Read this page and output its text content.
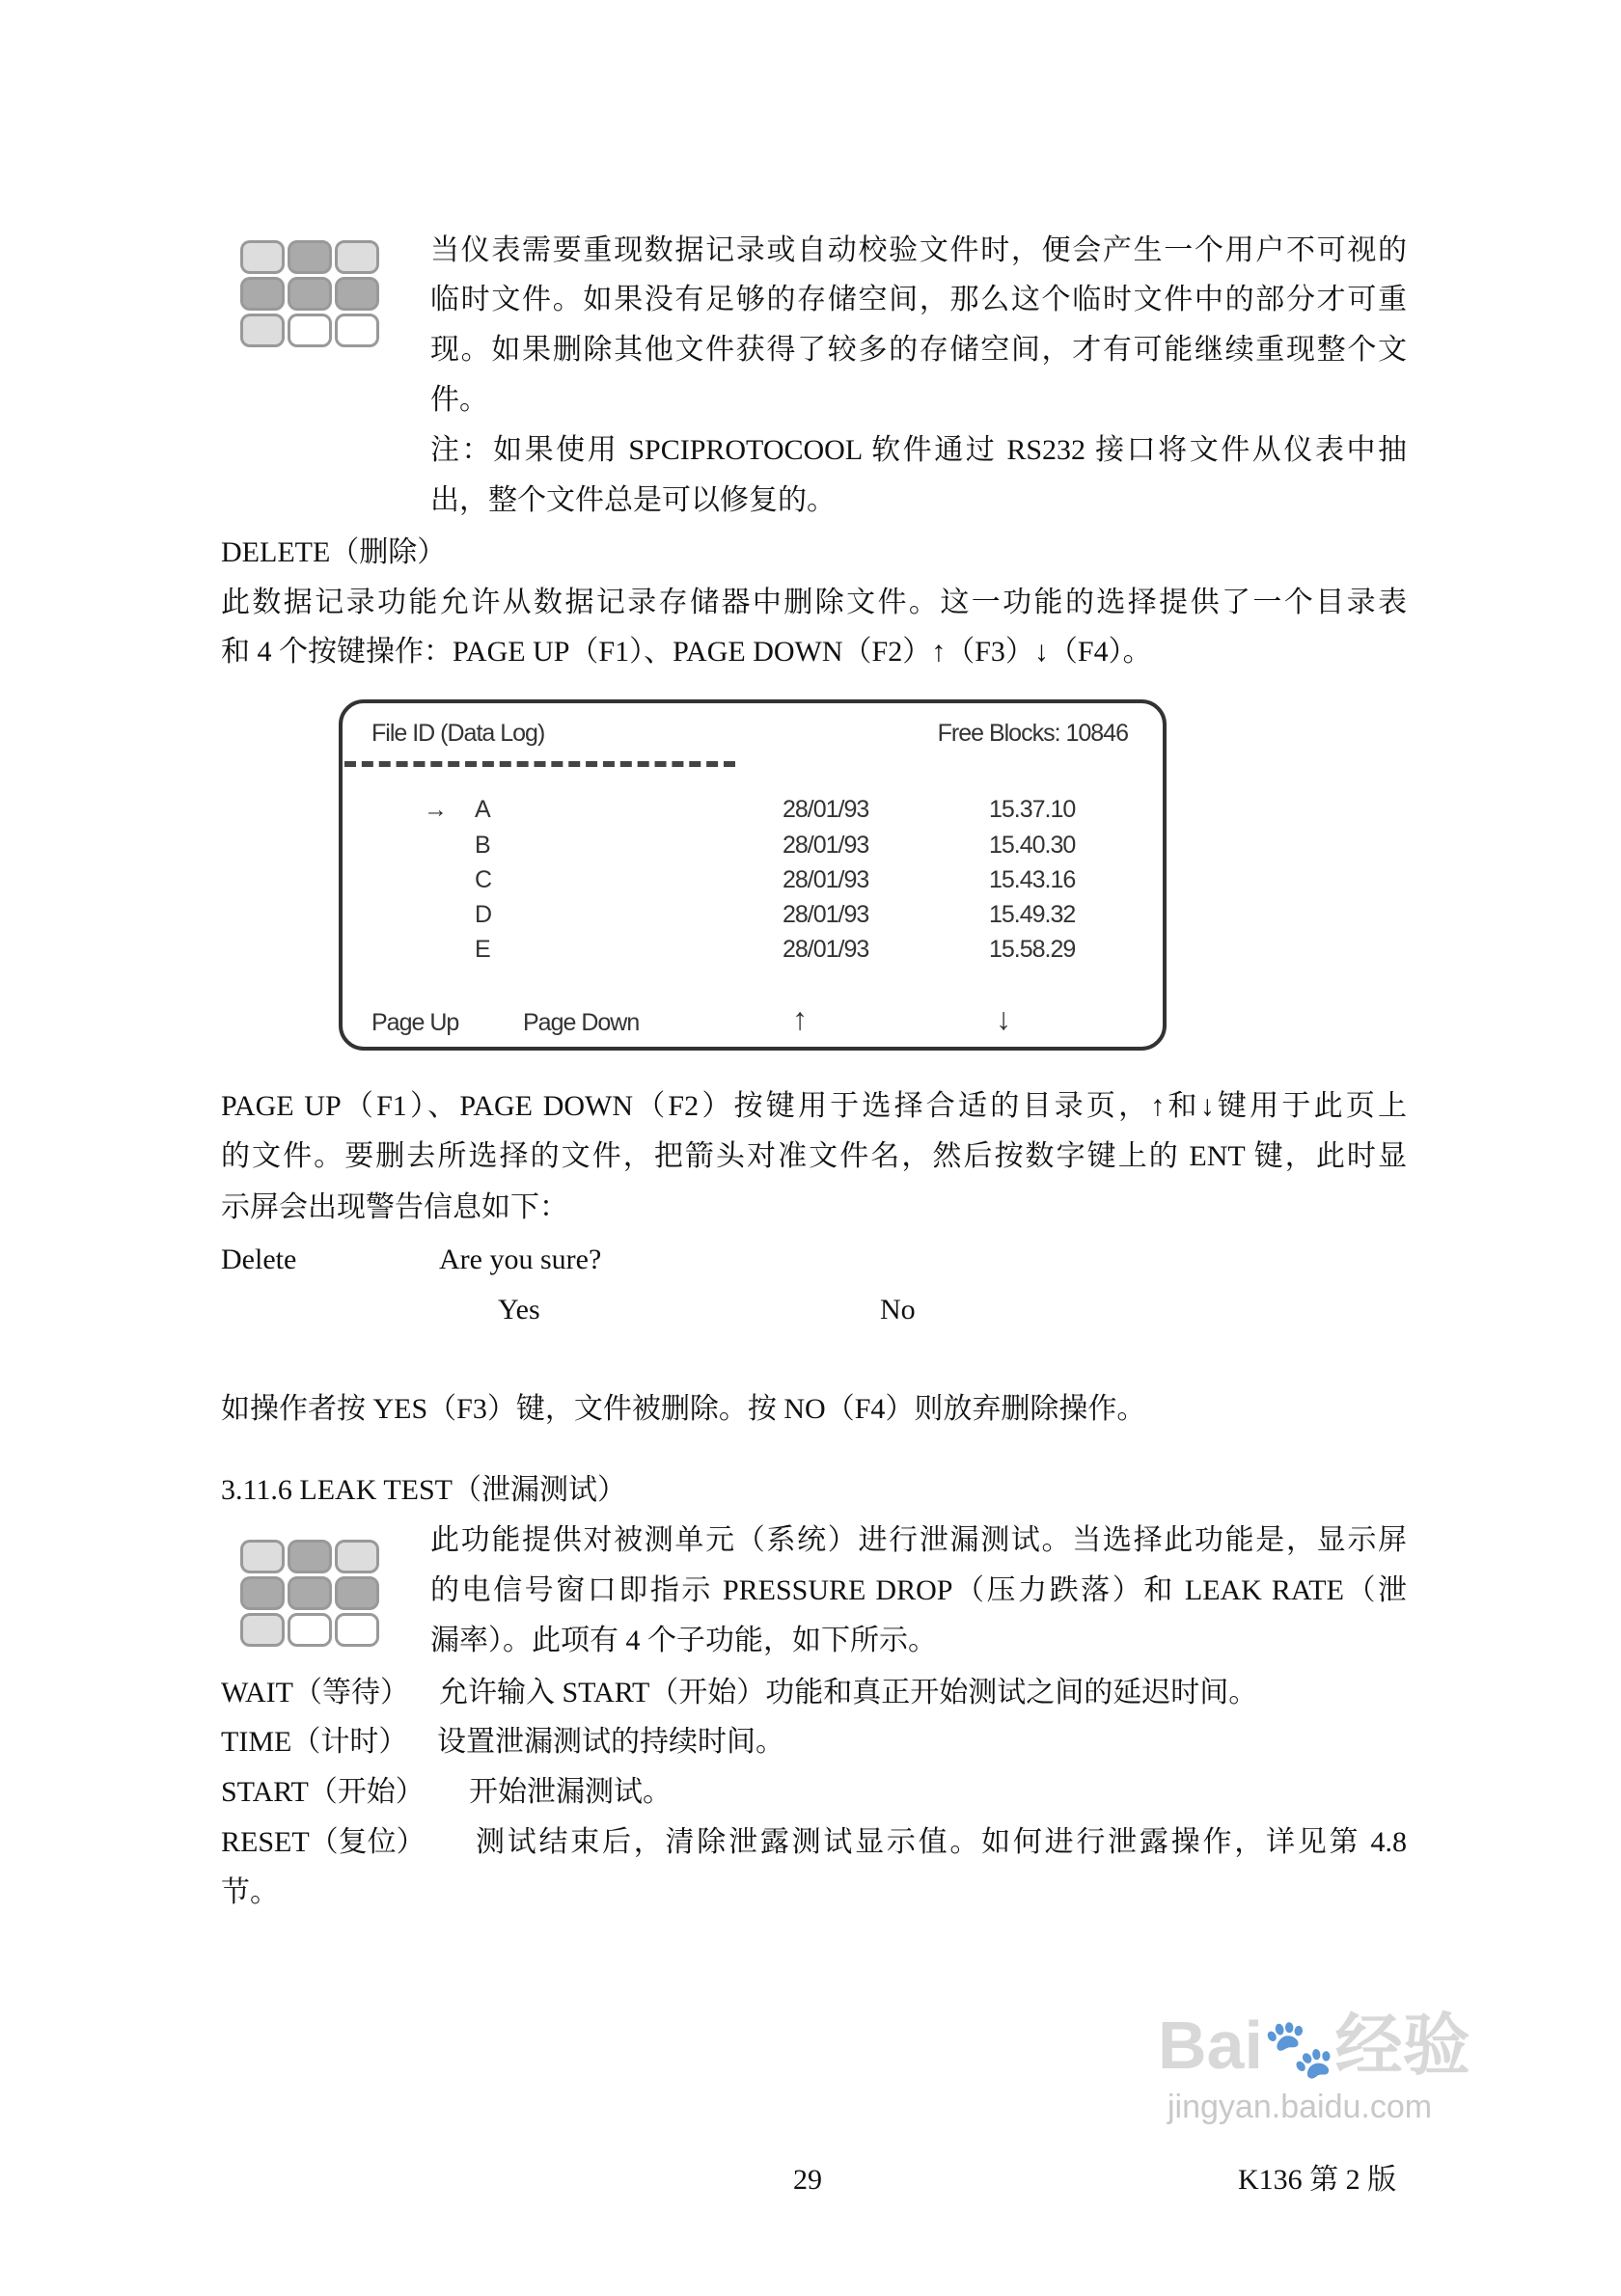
当仪表需要重现数据记录或自动校验文件时，便会产生一个用户不可视的
临时文件。如果没有足够的存储空间，那么这个临时文件中的部分才可重
现。如果删除其他文件获得了较多的存储空间，才有可能继续重现整个文
件。
注：如果使用 SPCIPROTOCOOL 软件通过 RS232 接口将文件从仪表中抽
出，整个文件总是可以修复的。
DELETE（删除）
此数据记录功能允许从数据记录存储器中删除文件。这一功能的选择提供了一个目录表
和 4 个按键操作：PAGE UP（F1）、PAGE DOWN（F2）↑（F3）↓（F4）。
File ID (Data Log)	Free Blocks: 10846
→ A	28/01/93	15.37.10
B	28/01/93	15.40.30
C	28/01/93	15.43.16
D	28/01/93	15.49.32
E	28/01/93	15.58.29
Page Up	Page Down	↑	↓
PAGE UP（F1）、PAGE DOWN（F2）按键用于选择合适的目录页，↑和↓键用于此页上
的文件。要删去所选择的文件，把箭头对准文件名，然后按数字键上的 ENT 键，此时显
示屏会出现警告信息如下：
Delete	Are you sure?
Yes	No
如操作者按 YES（F3）键，文件被删除。按 NO（F4）则放弃删除操作。
3.11.6 LEAK TEST（泄漏测试）
此功能提供对被测单元（系统）进行泄漏测试。当选择此功能是，显示屏
的电信号窗口即指示 PRESSURE DROP（压力跌落）和 LEAK RATE（泄
漏率）。此项有 4 个子功能，如下所示。
WAIT（等待） 允许输入 START（开始）功能和真正开始测试之间的延迟时间。
TIME（计时） 设置泄漏测试的持续时间。
START（开始） 开始泄漏测试。
RESET（复位） 测试结束后，清除泄露测试显示值。如何进行泄露操作，详见第 4.8
节。
Bai🐾经验
jingyan.baidu.com
29	K136 第 2 版
